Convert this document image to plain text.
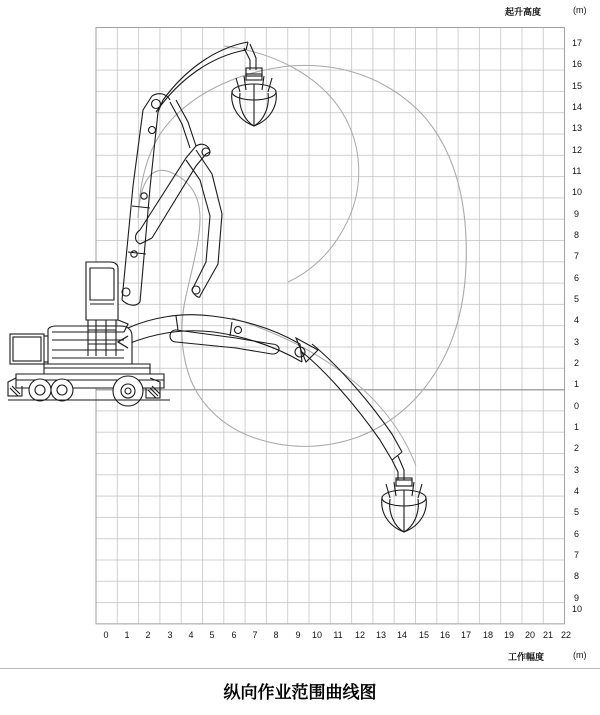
起升高度	(m)
工作幅度	(m)
17
16
15
14
13
12
11
10
9
8
7
6
5
4
3
2
1
0
1
2
3
4
5
6
7
8
9
10
0	1	2	3	4	5	6	7	8	9	10 11 12 13 14 15 16 17 18 19 20 21 22
纵向作业范围曲线图
